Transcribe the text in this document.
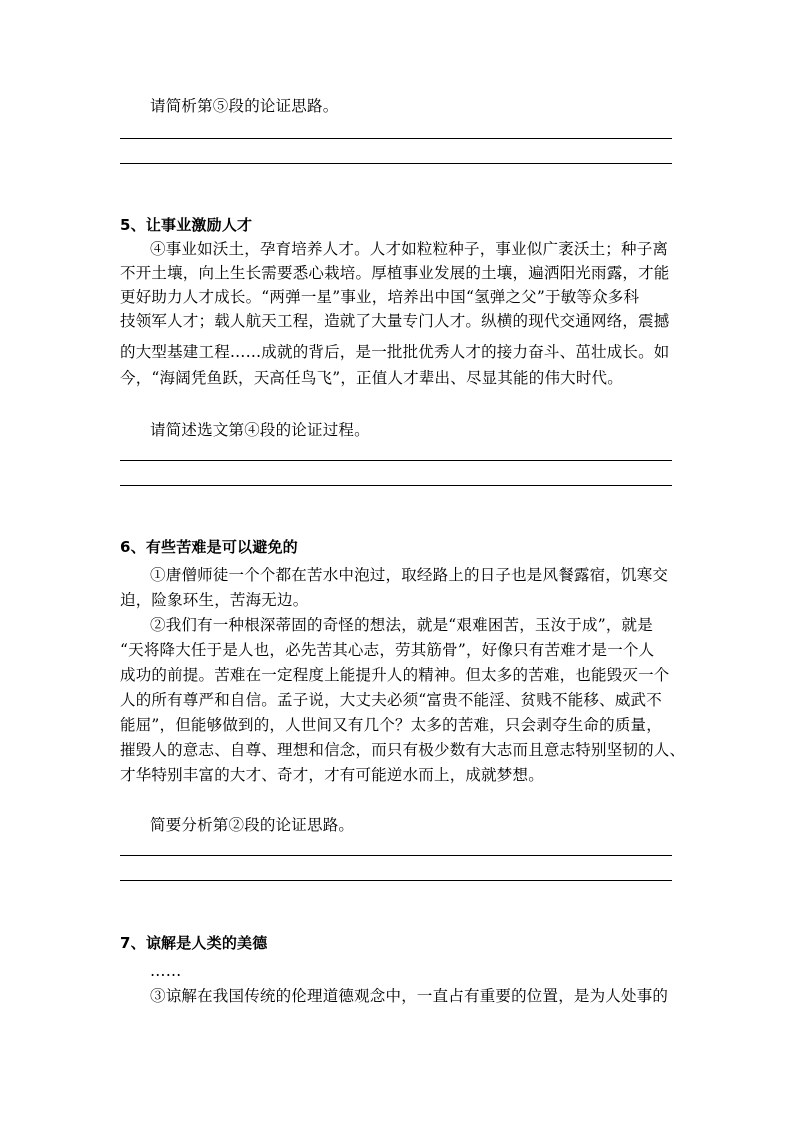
请简析第⑤段的论证思路。
5、让事业激励人才
④事业如沃土，孕育培养人才。人才如粒粒种子，事业似广袤沃土；种子离
不开土壤，向上生长需要悉心栽培。厚植事业发展的土壤，遍洒阳光雨露，才能
更好助力人才成长。“两弹一星”事业，培养出中国“氢弹之父”于敏等众多科
技领军人才；载人航天工程，造就了大量专门人才。纵横的现代交通网络，震撼
的大型基建工程……成就的背后，是一批批优秀人才的接力奋斗、茁壮成长。如
今，“海阔凭鱼跃，天高任鸟飞”，正值人才辈出、尽显其能的伟大时代。
请简述选文第④段的论证过程。
6、有些苦难是可以避免的
①唐僧师徒一个个都在苦水中泡过，取经路上的日子也是风餐露宿，饥寒交
迫，险象环生，苦海无边。
②我们有一种根深蒂固的奇怪的想法，就是“艰难困苦，玉汝于成”，就是
“天将降大任于是人也，必先苦其心志，劳其筋骨”，好像只有苦难才是一个人
成功的前提。苦难在一定程度上能提升人的精神。但太多的苦难，也能毁灭一个
人的所有尊严和自信。孟子说，大丈夫必须“富贵不能淫、贫贱不能移、威武不
能屈”，但能够做到的，人世间又有几个？太多的苦难，只会剥夺生命的质量，
摧毁人的意志、自尊、理想和信念，而只有极少数有大志而且意志特别坚韧的人、
才华特别丰富的大才、奇才，才有可能逆水而上，成就梦想。
简要分析第②段的论证思路。
7、谅解是人类的美德
……
③谅解在我国传统的伦理道德观念中，一直占有重要的位置，是为人处事的
